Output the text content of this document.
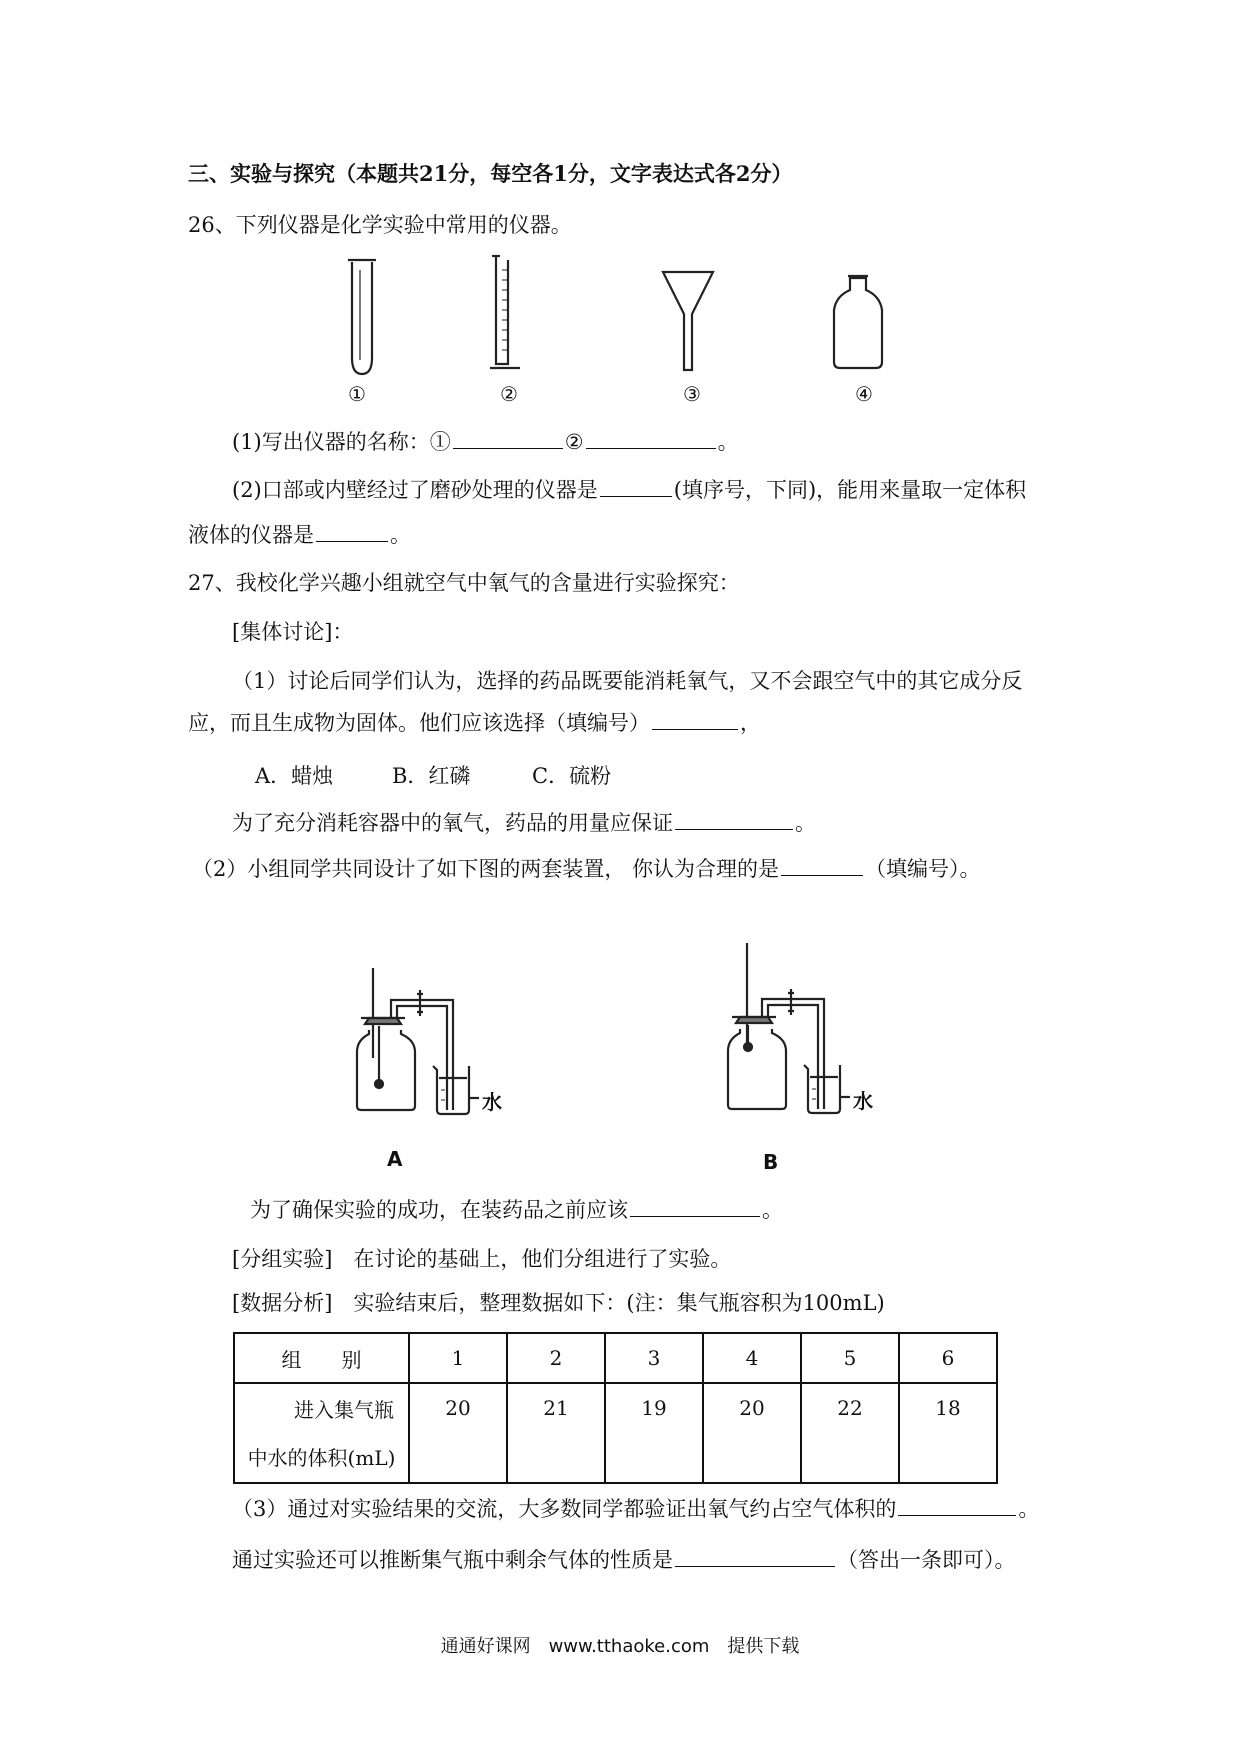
三、实验与探究（本题共21分，每空各1分，文字表达式各2分）
26、下列仪器是化学实验中常用的仪器。
①	②	③	④
(1)写出仪器的名称：①	②	。
(2)口部或内壁经过了磨砂处理的仪器是	(填序号，下同)，能用来量取一定体积
液体的仪器是	。
27、我校化学兴趣小组就空气中氧气的含量进行实验探究：
[集体讨论]：
（1）讨论后同学们认为，选择的药品既要能消耗氧气，又不会跟空气中的其它成分反
应，而且生成物为固体。他们应该选择（填编号）	，
A．蜡烛	B．红磷	C．硫粉
为了充分消耗容器中的氧气，药品的用量应保证	。
（2）小组同学共同设计了如下图的两套装置， 你认为合理的是	（填编号）。
水
A
水
B
为了确保实验的成功，在装药品之前应该	。
[分组实验]　在讨论的基础上，他们分组进行了实验。
[数据分析]　实验结束后，整理数据如下：(注：集气瓶容积为100mL)
组　　别	1	2	3	4	5	6

进入集气瓶
中水的体积(mL)	20	21	19	20	22	18
（3）通过对实验结果的交流，大多数同学都验证出氧气约占空气体积的	。
通过实验还可以推断集气瓶中剩余气体的性质是	（答出一条即可）。
通通好课网　www.tthaoke.com　提供下载
